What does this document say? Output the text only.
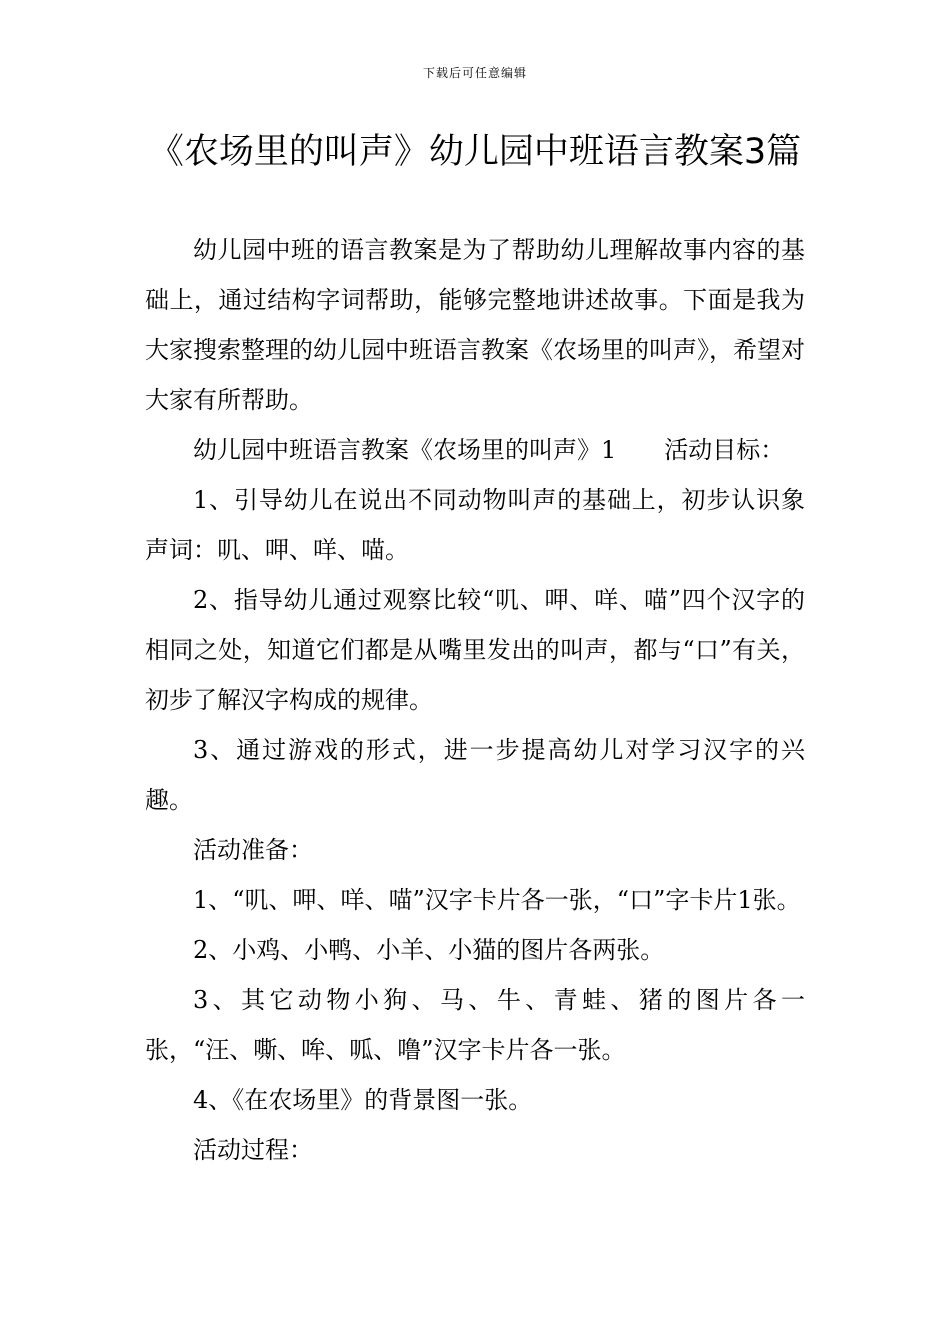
下载后可任意编辑
《农场里的叫声》幼儿园中班语言教案3篇

幼儿园中班的语言教案是为了帮助幼儿理解故事内容的基础上，通过结构字词帮助，能够完整地讲述故事。下面是我为大家搜索整理的幼儿园中班语言教案《农场里的叫声》，希望对大家有所帮助。

幼儿园中班语言教案《农场里的叫声》1　　活动目标：

1、引导幼儿在说出不同动物叫声的基础上，初步认识象声词：叽、呷、咩、喵。

2、指导幼儿通过观察比较“叽、呷、咩、喵”四个汉字的相同之处，知道它们都是从嘴里发出的叫声，都与“口”有关，初步了解汉字构成的规律。

3、通过游戏的形式，进一步提高幼儿对学习汉字的兴趣。

活动准备：

1、“叽、呷、咩、喵”汉字卡片各一张，“口”字卡片1张。

2、小鸡、小鸭、小羊、小猫的图片各两张。

3、其它动物小狗、马、牛、青蛙、猪的图片各一张，“汪、嘶、哞、呱、噜”汉字卡片各一张。

4、《在农场里》的背景图一张。

活动过程：
